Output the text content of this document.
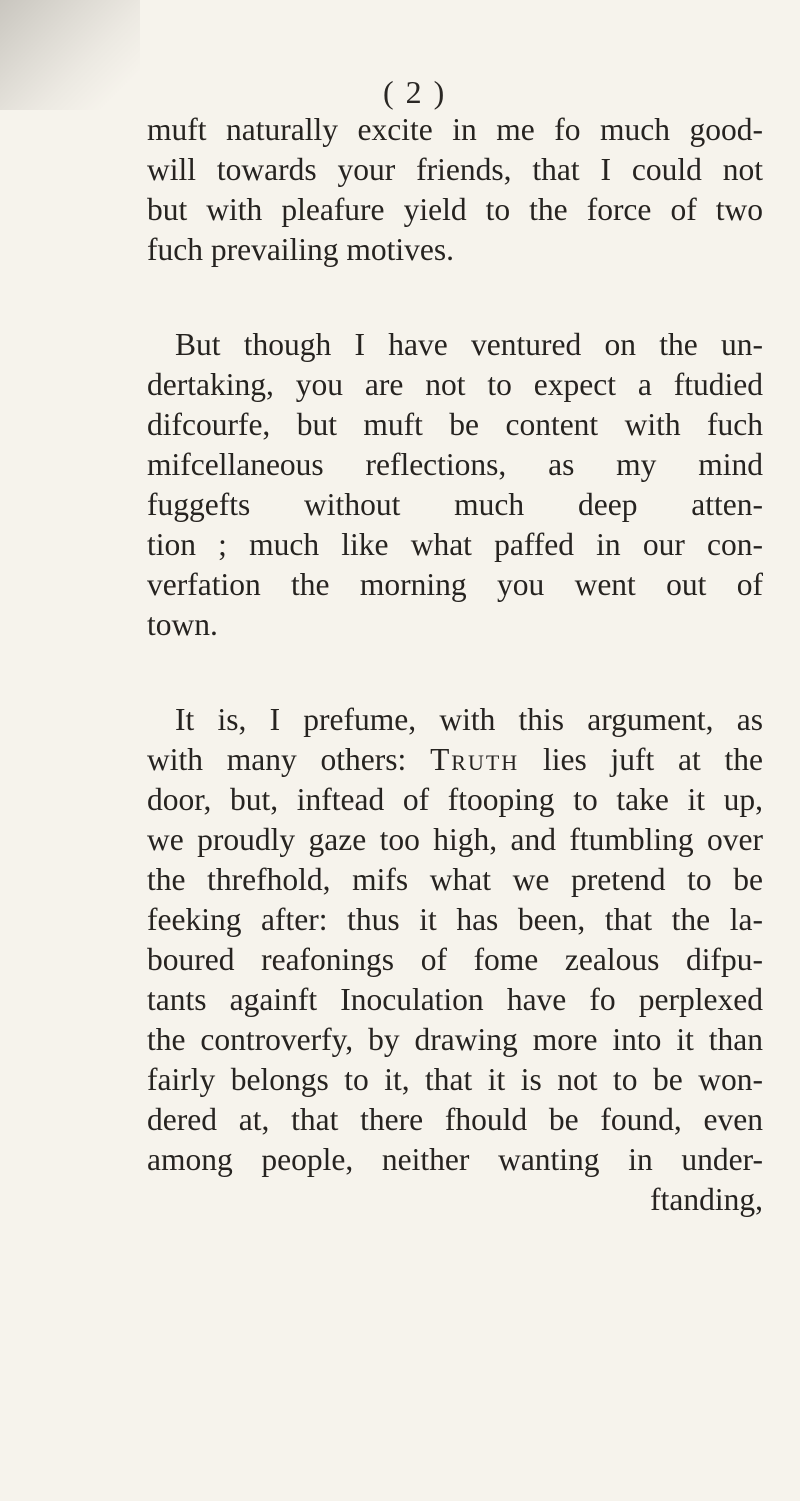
( 2 )
muft naturally excite in me fo much good-
will towards your friends, that I could not
but with pleafure yield to the force of two
fuch prevailing motives.
But though I have ventured on the un-
dertaking, you are not to expect a ftudied
difcourfe, but muft be content with fuch
mifcellaneous reflections, as my mind
fuggefts without much deep atten-
tion ; much like what paffed in our con-
verfation the morning you went out of
town.
It is, I prefume, with this argument, as
with many others: Truth lies juft at the
door, but, inftead of ftooping to take it up,
we proudly gaze too high, and ftumbling over
the threfhold, mifs what we pretend to be
feeking after: thus it has been, that the la-
boured reafonings of fome zealous difpu-
tants againft Inoculation have fo perplexed
the controverfy, by drawing more into it than
fairly belongs to it, that it is not to be won-
dered at, that there fhould be found, even
among people, neither wanting in under-
ftanding,
